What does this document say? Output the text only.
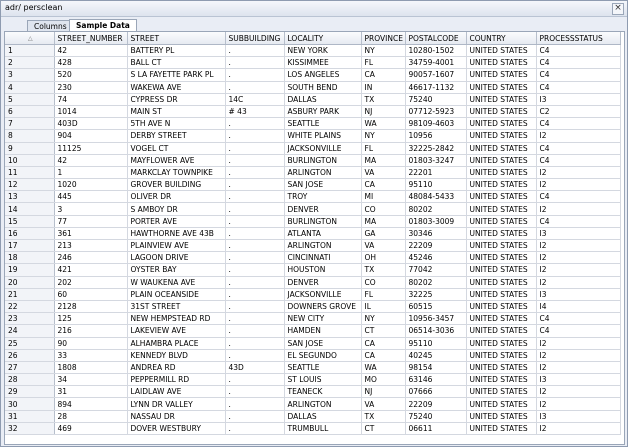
adr/ persclean	×
Columns	Sample Data
△	STREET_NUMBER	STREET	SUBBUILDING	LOCALITY	PROVINCE	POSTALCODE	COUNTRY	PROCESSSTATUS
1	42	BATTERY PL	.	NEW YORK	NY	10280-1502	UNITED STATES	C4
2	428	BALL CT	.	KISSIMMEE	FL	34759-4001	UNITED STATES	C4
3	520	S LA FAYETTE PARK PL	.	LOS ANGELES	CA	90057-1607	UNITED STATES	C4
4	230	WAKEWA AVE	.	SOUTH BEND	IN	46617-1132	UNITED STATES	C4
5	74	CYPRESS DR	14C	DALLAS	TX	75240	UNITED STATES	I3
6	1014	MAIN ST	# 43	ASBURY PARK	NJ	07712-5923	UNITED STATES	C2
7	403D	5TH AVE N	.	SEATTLE	WA	98109-4603	UNITED STATES	C4
8	904	DERBY STREET	.	WHITE PLAINS	NY	10956	UNITED STATES	I2
9	11125	VOGEL CT	.	JACKSONVILLE	FL	32225-2842	UNITED STATES	C4
10	42	MAYFLOWER AVE	.	BURLINGTON	MA	01803-3247	UNITED STATES	C4
11	1	MARKCLAY TOWNPIKE	.	ARLINGTON	VA	22201	UNITED STATES	I2
12	1020	GROVER BUILDING	.	SAN JOSE	CA	95110	UNITED STATES	I2
13	445	OLIVER DR	.	TROY	MI	48084-5433	UNITED STATES	C4
14	3	S AMBOY DR	.	DENVER	CO	80202	UNITED STATES	I2
15	77	PORTER AVE	.	BURLINGTON	MA	01803-3009	UNITED STATES	C4
16	361	HAWTHORNE AVE 43B	.	ATLANTA	GA	30346	UNITED STATES	I3
17	213	PLAINVIEW AVE	.	ARLINGTON	VA	22209	UNITED STATES	I2
18	246	LAGOON DRIVE	.	CINCINNATI	OH	45246	UNITED STATES	I2
19	421	OYSTER BAY	.	HOUSTON	TX	77042	UNITED STATES	I2
20	202	W WAUKENA AVE	.	DENVER	CO	80202	UNITED STATES	I2
21	60	PLAIN OCEANSIDE	.	JACKSONVILLE	FL	32225	UNITED STATES	I3
22	2128	31ST STREET	.	DOWNERS GROVE	IL	60515	UNITED STATES	I4
23	125	NEW HEMPSTEAD RD	.	NEW CITY	NY	10956-3457	UNITED STATES	C4
24	216	LAKEVIEW AVE	.	HAMDEN	CT	06514-3036	UNITED STATES	C4
25	90	ALHAMBRA PLACE	.	SAN JOSE	CA	95110	UNITED STATES	I2
26	33	KENNEDY BLVD	.	EL SEGUNDO	CA	40245	UNITED STATES	I2
27	1808	ANDREA RD	43D	SEATTLE	WA	98154	UNITED STATES	I2
28	34	PEPPERMILL RD	.	ST LOUIS	MO	63146	UNITED STATES	I3
29	31	LAIDLAW AVE	.	TEANECK	NJ	07666	UNITED STATES	I2
30	894	LYNN DR VALLEY	.	ARLINGTON	VA	22209	UNITED STATES	I2
31	28	NASSAU DR	.	DALLAS	TX	75240	UNITED STATES	I3
32	469	DOVER WESTBURY	.	TRUMBULL	CT	06611	UNITED STATES	I2
